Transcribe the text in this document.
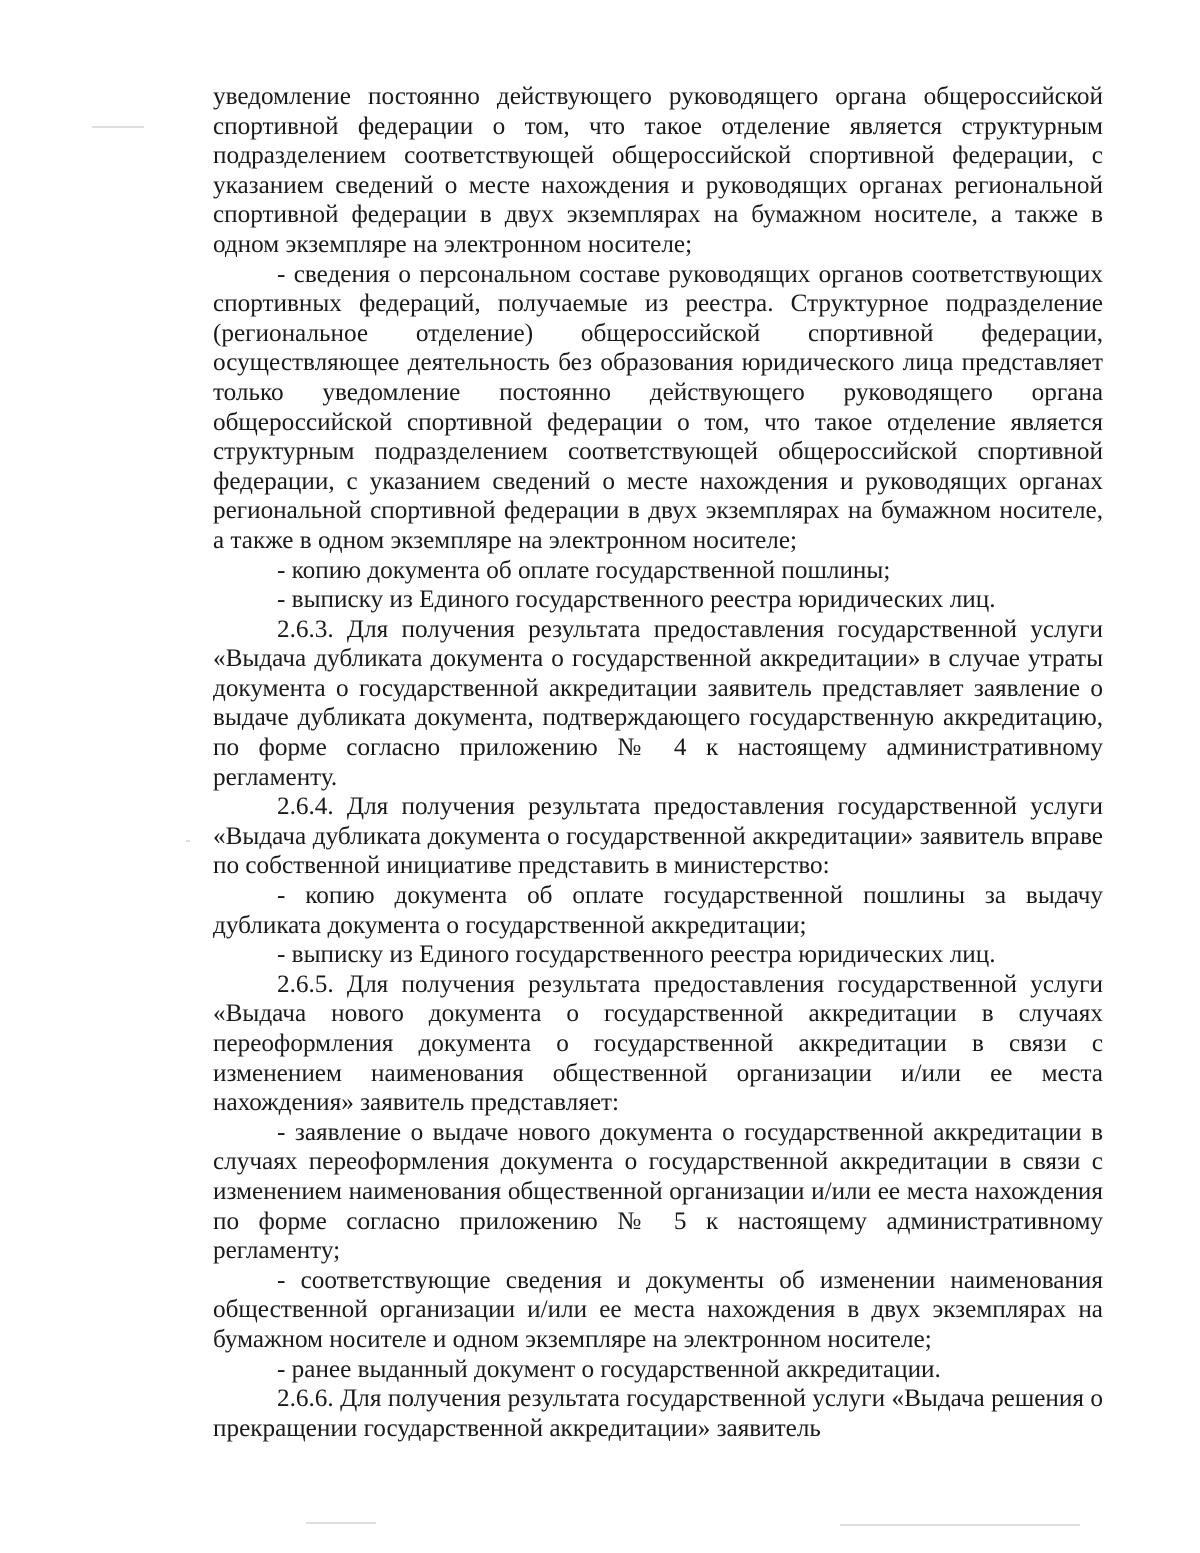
уведомление постоянно действующего руководящего органа общероссийской спортивной федерации о том, что такое отделение является структурным подразделением соответствующей общероссийской спортивной федерации, с указанием сведений о месте нахождения и руководящих органах региональной спортивной федерации в двух экземплярах на бумажном носителе, а также в одном экземпляре на электронном носителе;

- сведения о персональном составе руководящих органов соответствующих спортивных федераций, получаемые из реестра. Структурное подразделение (региональное отделение) общероссийской спортивной федерации, осуществляющее деятельность без образования юридического лица представляет только уведомление постоянно действующего руководящего органа общероссийской спортивной федерации о том, что такое отделение является структурным подразделением соответствующей общероссийской спортивной федерации, с указанием сведений о месте нахождения и руководящих органах региональной спортивной федерации в двух экземплярах на бумажном носителе, а также в одном экземпляре на электронном носителе;

- копию документа об оплате государственной пошлины;

- выписку из Единого государственного реестра юридических лиц.

2.6.3. Для получения результата предоставления государственной услуги «Выдача дубликата документа о государственной аккредитации» в случае утраты документа о государственной аккредитации заявитель представляет заявление о выдаче дубликата документа, подтверждающего государственную аккредитацию, по форме согласно приложению № 4 к настоящему административному регламенту.

2.6.4. Для получения результата предоставления государственной услуги «Выдача дубликата документа о государственной аккредитации» заявитель вправе по собственной инициативе представить в министерство:

- копию документа об оплате государственной пошлины за выдачу дубликата документа о государственной аккредитации;

- выписку из Единого государственного реестра юридических лиц.

2.6.5. Для получения результата предоставления государственной услуги «Выдача нового документа о государственной аккредитации в случаях переоформления документа о государственной аккредитации в связи с изменением наименования общественной организации и/или ее места нахождения» заявитель представляет:

- заявление о выдаче нового документа о государственной аккредитации в случаях переоформления документа о государственной аккредитации в связи с изменением наименования общественной организации и/или ее места нахождения по форме согласно приложению № 5 к настоящему административному регламенту;

- соответствующие сведения и документы об изменении наименования общественной организации и/или ее места нахождения в двух экземплярах на бумажном носителе и одном экземпляре на электронном носителе;

- ранее выданный документ о государственной аккредитации.

2.6.6. Для получения результата государственной услуги «Выдача решения о прекращении государственной аккредитации» заявитель
